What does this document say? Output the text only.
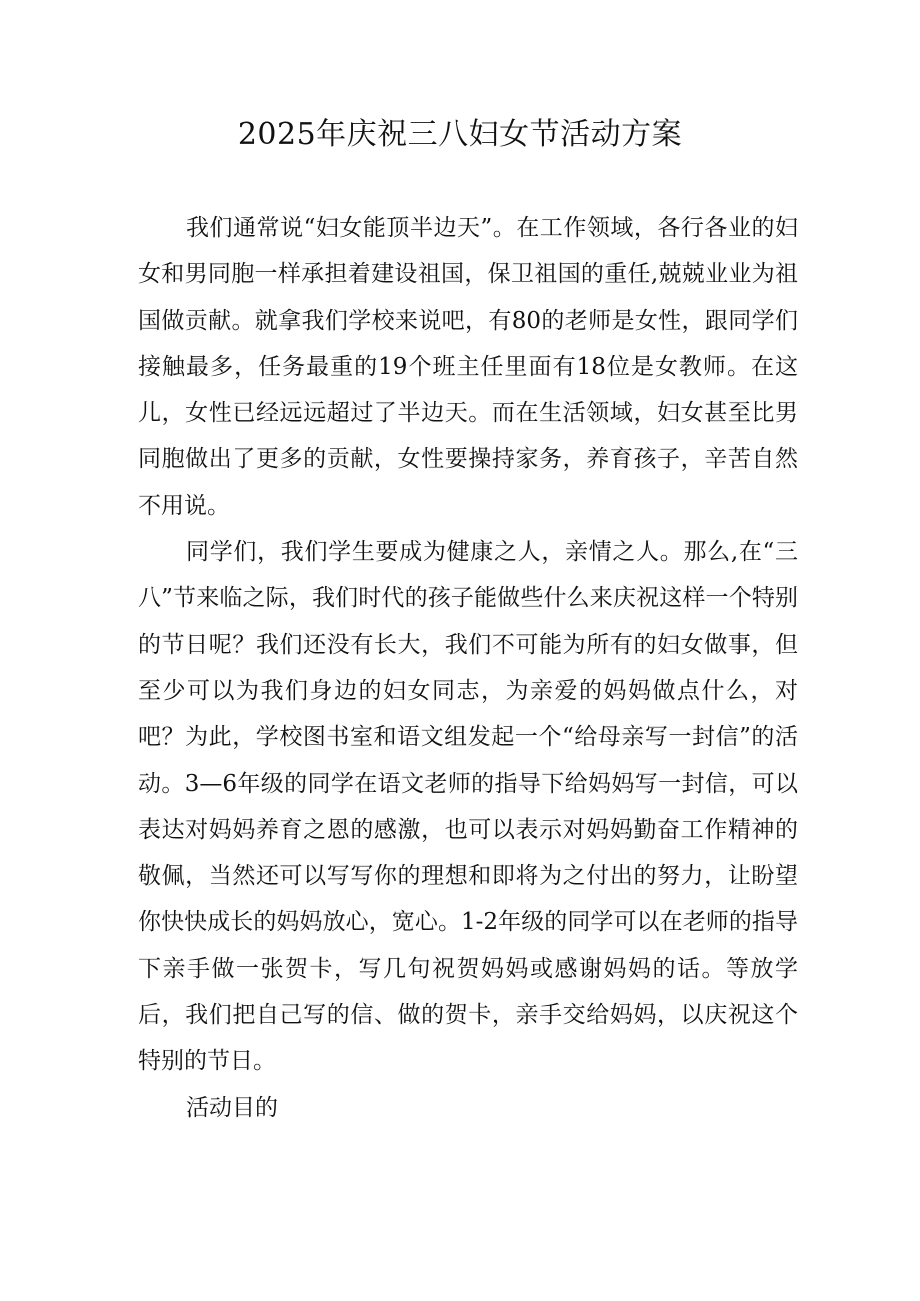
2025年庆祝三八妇女节活动方案

我们通常说“妇女能顶半边天”。在工作领域，各行各业的妇女和男同胞一样承担着建设祖国，保卫祖国的重任,兢兢业业为祖国做贡献。就拿我们学校来说吧，有80的老师是女性，跟同学们接触最多，任务最重的19个班主任里面有18位是女教师。在这儿，女性已经远远超过了半边天。而在生活领域，妇女甚至比男同胞做出了更多的贡献，女性要操持家务，养育孩子，辛苦自然不用说。

同学们，我们学生要成为健康之人，亲情之人。那么,在“三八”节来临之际，我们时代的孩子能做些什么来庆祝这样一个特别的节日呢？我们还没有长大，我们不可能为所有的妇女做事，但至少可以为我们身边的妇女同志，为亲爱的妈妈做点什么，对吧？为此，学校图书室和语文组发起一个“给母亲写一封信”的活动。3—6年级的同学在语文老师的指导下给妈妈写一封信，可以表达对妈妈养育之恩的感激，也可以表示对妈妈勤奋工作精神的敬佩，当然还可以写写你的理想和即将为之付出的努力，让盼望你快快成长的妈妈放心，宽心。1-2年级的同学可以在老师的指导下亲手做一张贺卡，写几句祝贺妈妈或感谢妈妈的话。等放学后，我们把自己写的信、做的贺卡，亲手交给妈妈，以庆祝这个特别的节日。

活动目的
